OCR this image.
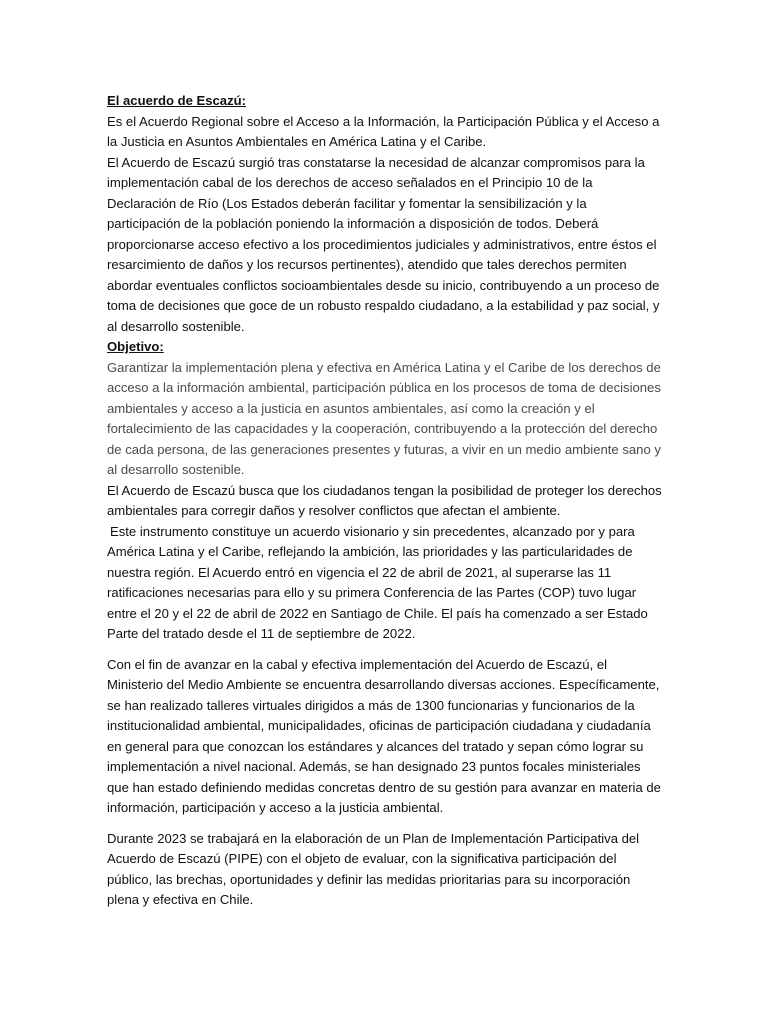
El acuerdo de Escazú:

Es el Acuerdo Regional sobre el Acceso a la Información, la Participación Pública y el Acceso a la Justicia en Asuntos Ambientales en América Latina y el Caribe.

El Acuerdo de Escazú surgió tras constatarse la necesidad de alcanzar compromisos para la implementación cabal de los derechos de acceso señalados en el Principio 10 de la Declaración de Río (Los Estados deberán facilitar y fomentar la sensibilización y la participación de la población poniendo la información a disposición de todos. Deberá proporcionarse acceso efectivo a los procedimientos judiciales y administrativos, entre éstos el resarcimiento de daños y los recursos pertinentes), atendido que tales derechos permiten abordar eventuales conflictos socioambientales desde su inicio, contribuyendo a un proceso de toma de decisiones que goce de un robusto respaldo ciudadano, a la estabilidad y paz social, y al desarrollo sostenible.

Objetivo:

Garantizar la implementación plena y efectiva en América Latina y el Caribe de los derechos de acceso a la información ambiental, participación pública en los procesos de toma de decisiones ambientales y acceso a la justicia en asuntos ambientales, así como la creación y el fortalecimiento de las capacidades y la cooperación, contribuyendo a la protección del derecho de cada persona, de las generaciones presentes y futuras, a vivir en un medio ambiente sano y al desarrollo sostenible.

El Acuerdo de Escazú busca que los ciudadanos tengan la posibilidad de proteger los derechos ambientales para corregir daños y resolver conflictos que afectan el ambiente.

Este instrumento constituye un acuerdo visionario y sin precedentes, alcanzado por y para América Latina y el Caribe, reflejando la ambición, las prioridades y las particularidades de nuestra región. El Acuerdo entró en vigencia el 22 de abril de 2021, al superarse las 11 ratificaciones necesarias para ello y su primera Conferencia de las Partes (COP) tuvo lugar entre el 20 y el 22 de abril de 2022 en Santiago de Chile. El país ha comenzado a ser Estado Parte del tratado desde el 11 de septiembre de 2022.

Con el fin de avanzar en la cabal y efectiva implementación del Acuerdo de Escazú, el Ministerio del Medio Ambiente se encuentra desarrollando diversas acciones. Específicamente, se han realizado talleres virtuales dirigidos a más de 1300 funcionarias y funcionarios de la institucionalidad ambiental, municipalidades, oficinas de participación ciudadana y ciudadanía en general para que conozcan los estándares y alcances del tratado y sepan cómo lograr su implementación a nivel nacional. Además, se han designado 23 puntos focales ministeriales que han estado definiendo medidas concretas dentro de su gestión para avanzar en materia de información, participación y acceso a la justicia ambiental.

Durante 2023 se trabajará en la elaboración de un Plan de Implementación Participativa del Acuerdo de Escazú (PIPE) con el objeto de evaluar, con la significativa participación del público, las brechas, oportunidades y definir las medidas prioritarias para su incorporación plena y efectiva en Chile.
